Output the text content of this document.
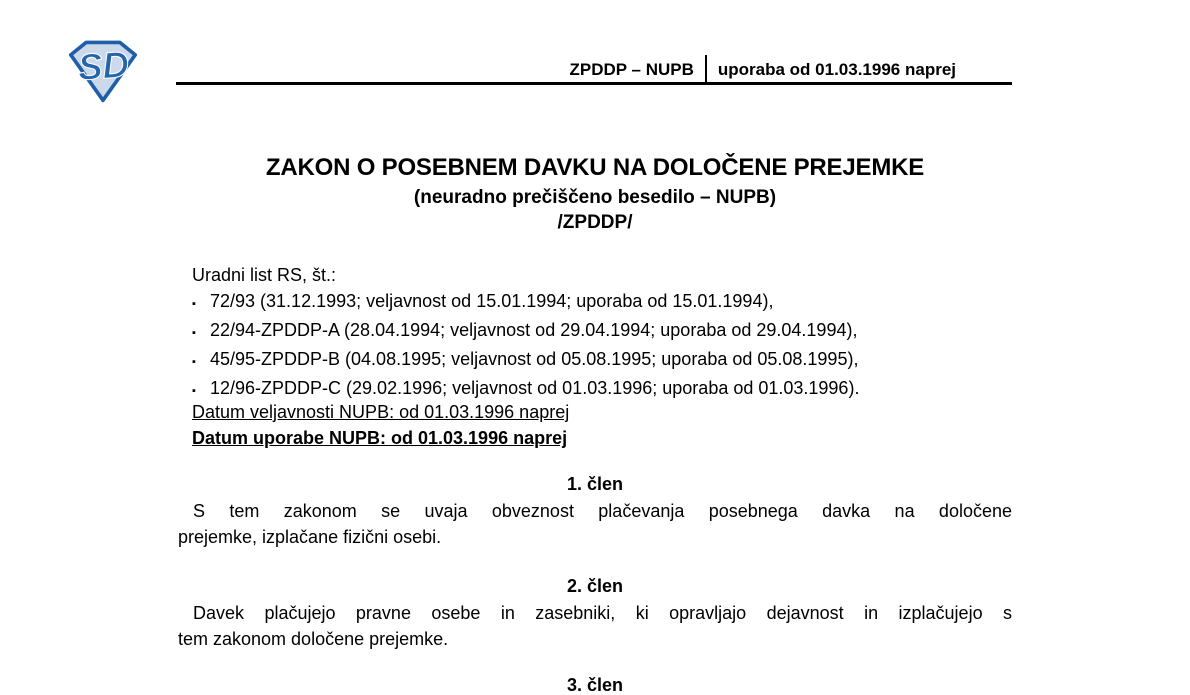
SD	ZPDDP – NUPB	uporaba od 01.03.1996 naprej
ZAKON O POSEBNEM DAVKU NA DOLOČENE PREJEMKE
(neuradno prečiščeno besedilo – NUPB)
/ZPDDP/
Uradni list RS, št.:
▪ 72/93 (31.12.1993; veljavnost od 15.01.1994; uporaba od 15.01.1994),
▪ 22/94-ZPDDP-A (28.04.1994; veljavnost od 29.04.1994; uporaba od 29.04.1994),
▪ 45/95-ZPDDP-B (04.08.1995; veljavnost od 05.08.1995; uporaba od 05.08.1995),
▪ 12/96-ZPDDP-C (29.02.1996; veljavnost od 01.03.1996; uporaba od 01.03.1996).
Datum veljavnosti NUPB: od 01.03.1996 naprej
Datum uporabe NUPB: od 01.03.1996 naprej
1. člen
S tem zakonom se uvaja obveznost plačevanja posebnega davka na določene
prejemke, izplačane fizični osebi.
2. člen
Davek plačujejo pravne osebe in zasebniki, ki opravljajo dejavnost in izplačujejo s
tem zakonom določene prejemke.
3. člen
